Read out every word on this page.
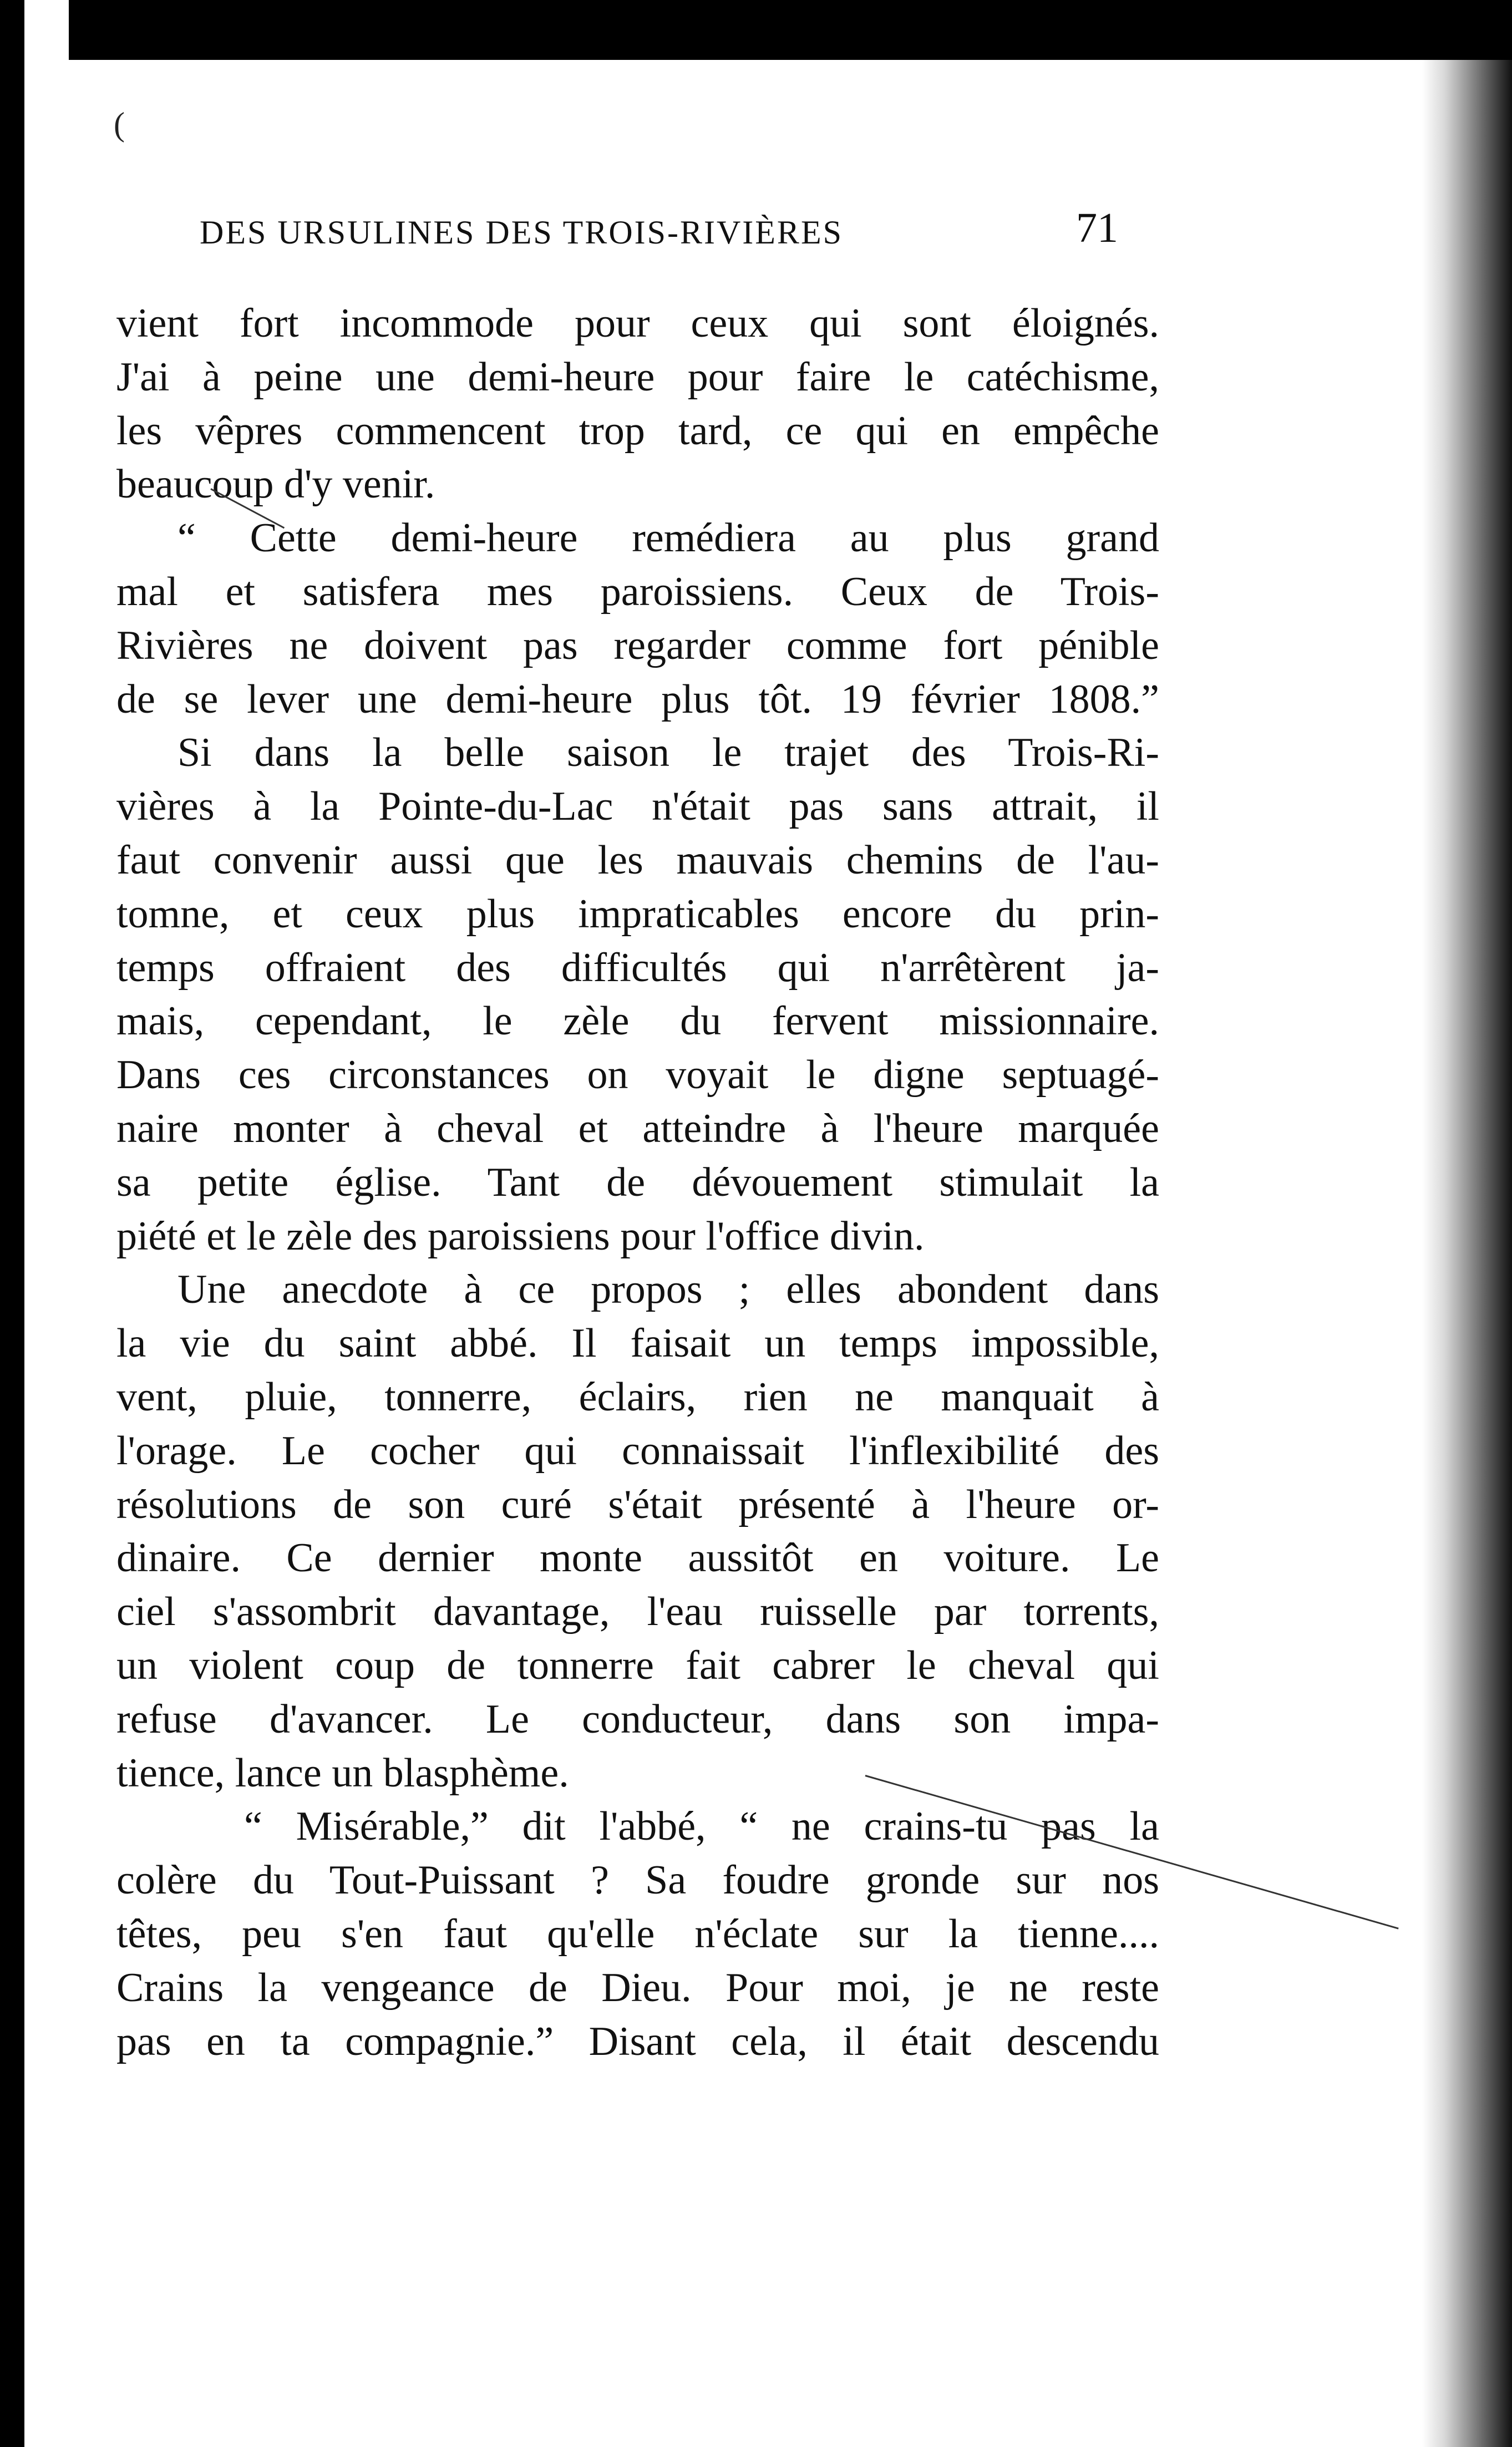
DES URSULINES DES TROIS-RIVIÈRES	71

vient fort incommode pour ceux qui sont éloignés.

J'ai à peine une demi-heure pour faire le catéchisme,

les vêpres commencent trop tard, ce qui en empêche

beaucoup d'y venir.

“ Cette demi-heure remédiera au plus grand

mal et satisfera mes paroissiens. Ceux de Trois-

Rivières ne doivent pas regarder comme fort pénible

de se lever une demi-heure plus tôt. 19 février 1808.”

Si dans la belle saison le trajet des Trois-Ri-

vières à la Pointe-du-Lac n'était pas sans attrait, il

faut convenir aussi que les mauvais chemins de l'au-

tomne, et ceux plus impraticables encore du prin-

temps offraient des difficultés qui n'arrêtèrent ja-

mais, cependant, le zèle du fervent missionnaire.

Dans ces circonstances on voyait le digne septuagé-

naire monter à cheval et atteindre à l'heure marquée

sa petite église. Tant de dévouement stimulait la

piété et le zèle des paroissiens pour l'office divin.

Une anecdote à ce propos ; elles abondent dans

la vie du saint abbé. Il faisait un temps impossible,

vent, pluie, tonnerre, éclairs, rien ne manquait à

l'orage. Le cocher qui connaissait l'inflexibilité des

résolutions de son curé s'était présenté à l'heure or-

dinaire. Ce dernier monte aussitôt en voiture. Le

ciel s'assombrit davantage, l'eau ruisselle par torrents,

un violent coup de tonnerre fait cabrer le cheval qui

refuse d'avancer. Le conducteur, dans son impa-

tience, lance un blasphème.

“ Misérable,” dit l'abbé, “ ne crains-tu pas la

colère du Tout-Puissant ? Sa foudre gronde sur nos

têtes, peu s'en faut qu'elle n'éclate sur la tienne....

Crains la vengeance de Dieu. Pour moi, je ne reste

pas en ta compagnie.” Disant cela, il était descendu

(
